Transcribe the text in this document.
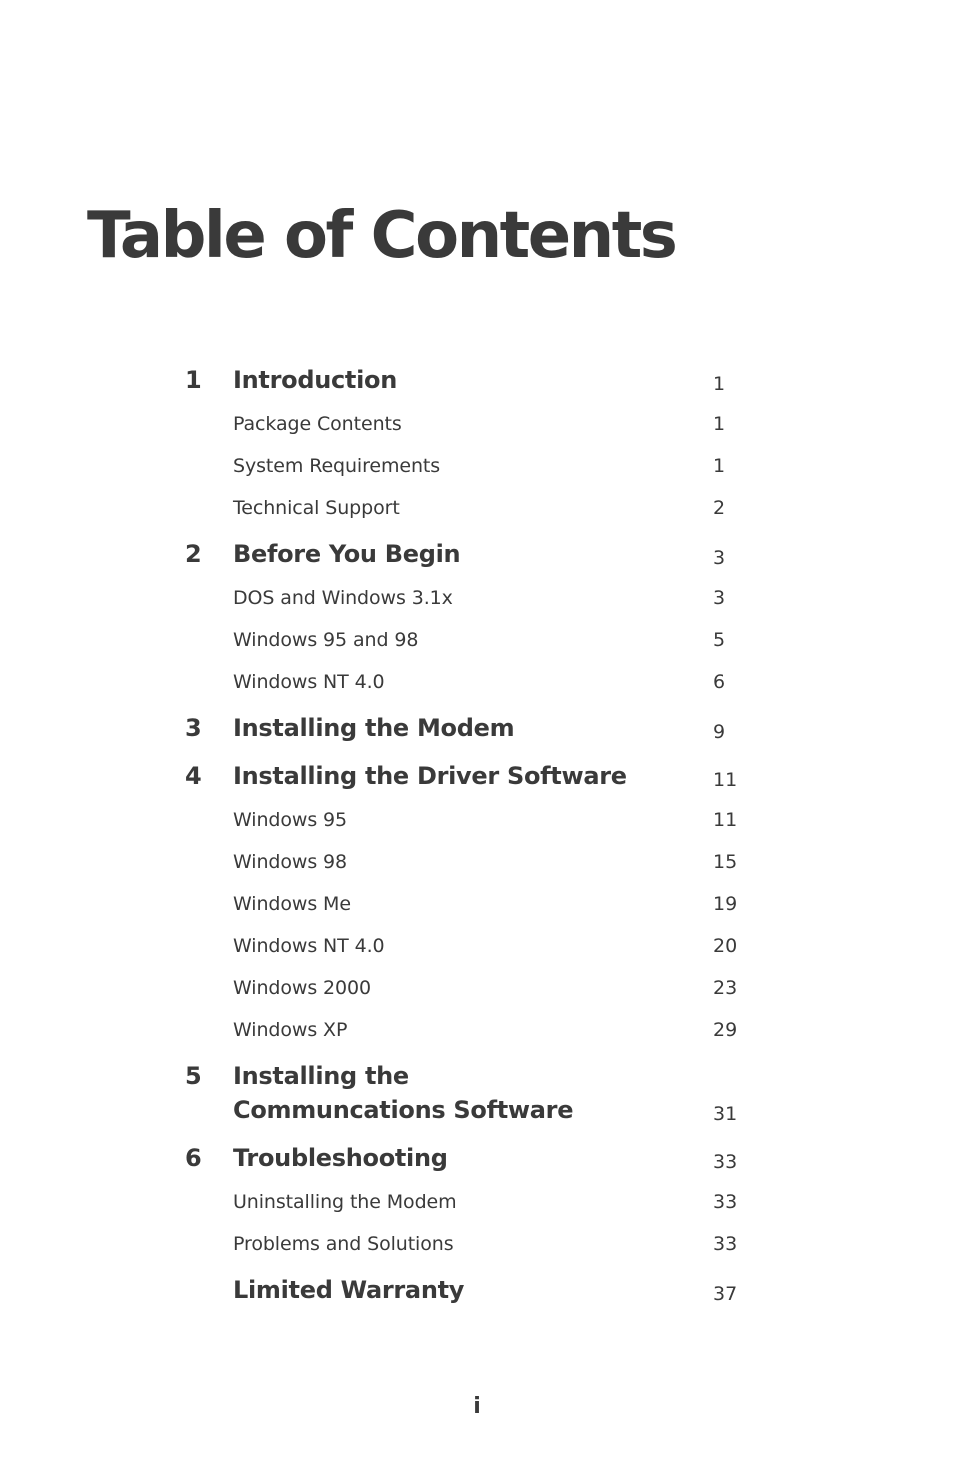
Table of Contents
1 Introduction	1
Package Contents	1
System Requirements	1
Technical Support	2
2 Before You Begin	3
DOS and Windows 3.1x	3
Windows 95 and 98	5
Windows NT 4.0	6
3 Installing the Modem	9
4 Installing the Driver Software	11
Windows 95	11
Windows 98	15
Windows Me	19
Windows NT 4.0	20
Windows 2000	23
Windows XP	29
5 Installing the
Communcations Software	31
6 Troubleshooting	33
Uninstalling the Modem	33
Problems and Solutions	33
Limited Warranty	37
i
